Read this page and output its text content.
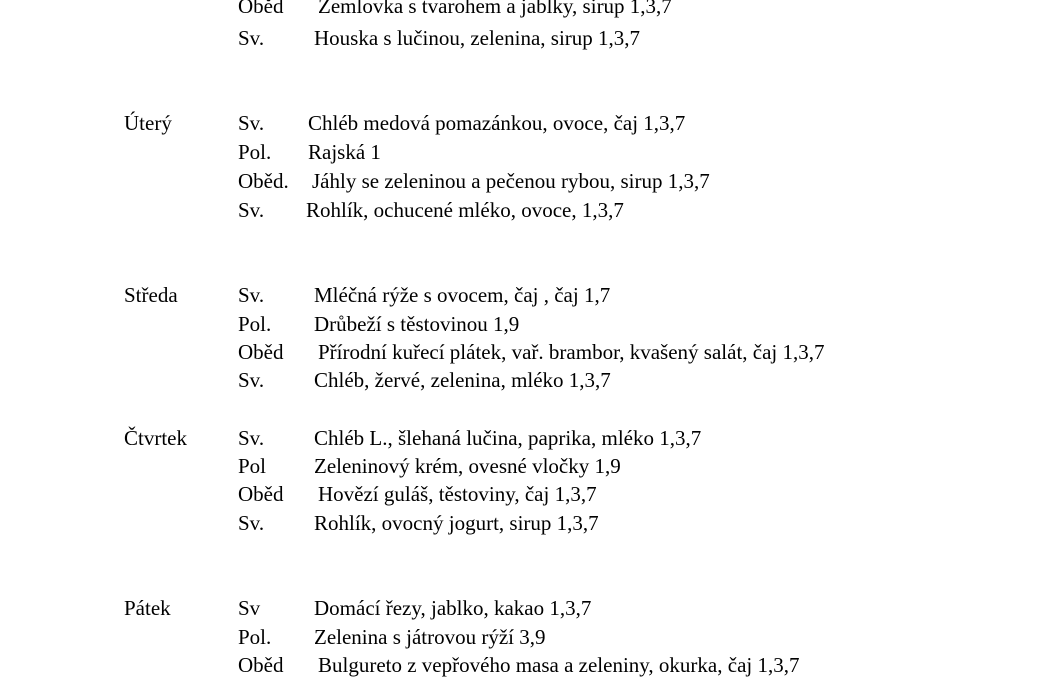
Oběd Zemlovka s tvarohem a jablky, sirup 1,3,7
Sv. Houska s lučinou, zelenina, sirup 1,3,7
Úterý	Sv. Chléb medová pomazánkou, ovoce, čaj 1,3,7
Pol. Rajská 1
Oběd. Jáhly se zeleninou a pečenou rybou, sirup 1,3,7
Sv. Rohlík, ochucené mléko, ovoce, 1,3,7
Středa	Sv. Mléčná rýže s ovocem, čaj , čaj 1,7
Pol. Drůbeží s těstovinou 1,9
Oběd Přírodní kuřecí plátek, vař. brambor, kvašený salát, čaj 1,3,7
Sv. Chléb, žervé, zelenina, mléko 1,3,7
Čtvrtek Sv. Chléb L., šlehaná lučina, paprika, mléko 1,3,7
Pol Zeleninový krém, ovesné vločky 1,9
Oběd Hovězí guláš, těstoviny, čaj 1,3,7
Sv. Rohlík, ovocný jogurt, sirup 1,3,7
Pátek	Sv	Domácí řezy, jablko, kakao 1,3,7
Pol. Zelenina s játrovou rýží 3,9
Oběd Bulgureto z vepřového masa a zeleniny, okurka, čaj 1,3,7
